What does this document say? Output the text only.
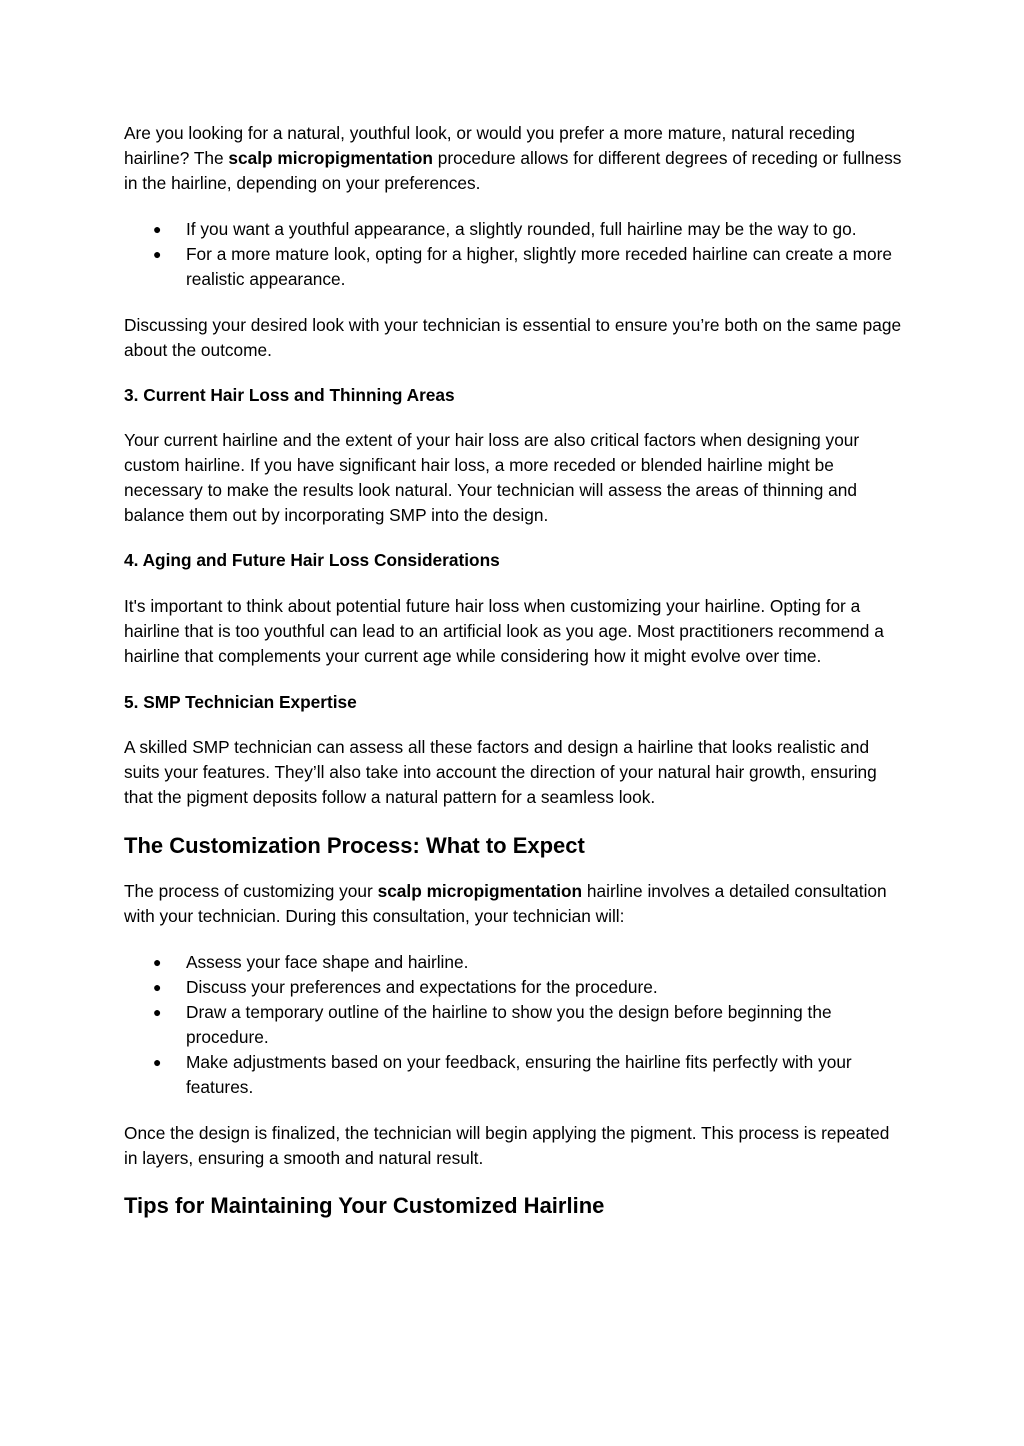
Are you looking for a natural, youthful look, or would you prefer a more mature, natural receding hairline? The scalp micropigmentation procedure allows for different degrees of receding or fullness in the hairline, depending on your preferences.

● If you want a youthful appearance, a slightly rounded, full hairline may be the way to go.
● For a more mature look, opting for a higher, slightly more receded hairline can create a more realistic appearance.

Discussing your desired look with your technician is essential to ensure you’re both on the same page about the outcome.

3. Current Hair Loss and Thinning Areas

Your current hairline and the extent of your hair loss are also critical factors when designing your custom hairline. If you have significant hair loss, a more receded or blended hairline might be necessary to make the results look natural. Your technician will assess the areas of thinning and balance them out by incorporating SMP into the design.

4. Aging and Future Hair Loss Considerations

It's important to think about potential future hair loss when customizing your hairline. Opting for a hairline that is too youthful can lead to an artificial look as you age. Most practitioners recommend a hairline that complements your current age while considering how it might evolve over time.

5. SMP Technician Expertise

A skilled SMP technician can assess all these factors and design a hairline that looks realistic and suits your features. They’ll also take into account the direction of your natural hair growth, ensuring that the pigment deposits follow a natural pattern for a seamless look.

The Customization Process: What to Expect

The process of customizing your scalp micropigmentation hairline involves a detailed consultation with your technician. During this consultation, your technician will:

● Assess your face shape and hairline.
● Discuss your preferences and expectations for the procedure.
● Draw a temporary outline of the hairline to show you the design before beginning the procedure.
● Make adjustments based on your feedback, ensuring the hairline fits perfectly with your features.

Once the design is finalized, the technician will begin applying the pigment. This process is repeated in layers, ensuring a smooth and natural result.

Tips for Maintaining Your Customized Hairline
